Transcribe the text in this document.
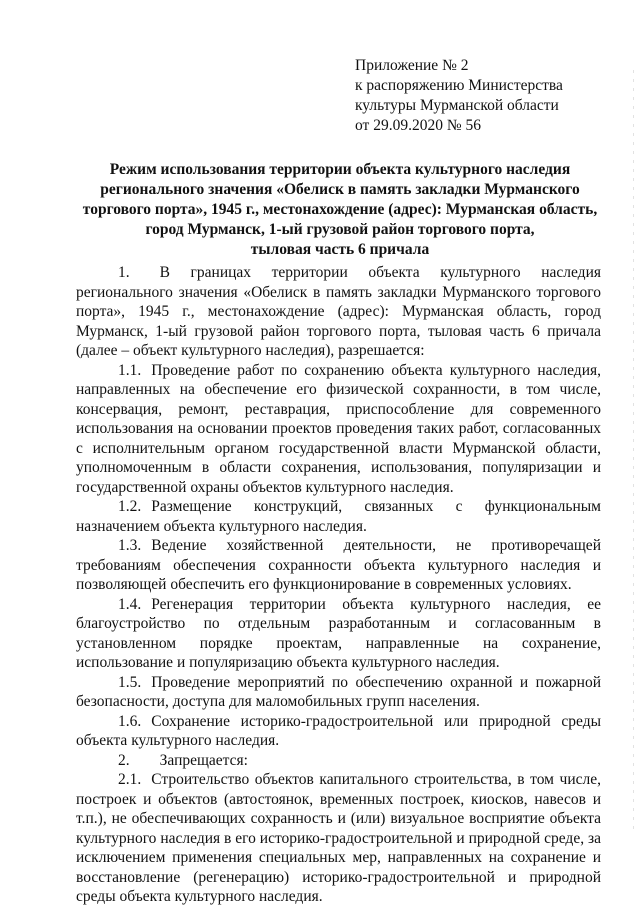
Приложение № 2
к распоряжению Министерства
культуры Мурманской области
от 29.09.2020 № 56
Режим использования территории объекта культурного наследия
регионального значения «Обелиск в память закладки Мурманского
торгового порта», 1945 г., местонахождение (адрес): Мурманская область,
город Мурманск, 1-ый грузовой район торгового порта,
тыловая часть 6 причала

1. В границах территории объекта культурного наследия регионального значения «Обелиск в память закладки Мурманского торгового порта», 1945 г., местонахождение (адрес): Мурманская область, город Мурманск, 1-ый грузовой район торгового порта, тыловая часть 6 причала (далее – объект культурного наследия), разрешается:

1.1. Проведение работ по сохранению объекта культурного наследия, направленных на обеспечение его физической сохранности, в том числе, консервация, ремонт, реставрация, приспособление для современного использования на основании проектов проведения таких работ, согласованных с исполнительным органом государственной власти Мурманской области, уполномоченным в области сохранения, использования, популяризации и государственной охраны объектов культурного наследия.

1.2. Размещение конструкций, связанных с функциональным назначением объекта культурного наследия.

1.3. Ведение хозяйственной деятельности, не противоречащей требованиям обеспечения сохранности объекта культурного наследия и позволяющей обеспечить его функционирование в современных условиях.

1.4. Регенерация территории объекта культурного наследия, ее благоустройство по отдельным разработанным и согласованным в установленном порядке проектам, направленные на сохранение, использование и популяризацию объекта культурного наследия.

1.5. Проведение мероприятий по обеспечению охранной и пожарной безопасности, доступа для маломобильных групп населения.

1.6. Сохранение историко-градостроительной или природной среды объекта культурного наследия.

2. Запрещается:

2.1. Строительство объектов капитального строительства, в том числе, построек и объектов (автостоянок, временных построек, киосков, навесов и т.п.), не обеспечивающих сохранность и (или) визуальное восприятие объекта культурного наследия в его историко-градостроительной и природной среде, за исключением применения специальных мер, направленных на сохранение и восстановление (регенерацию) историко-градостроительной и природной среды объекта культурного наследия.
